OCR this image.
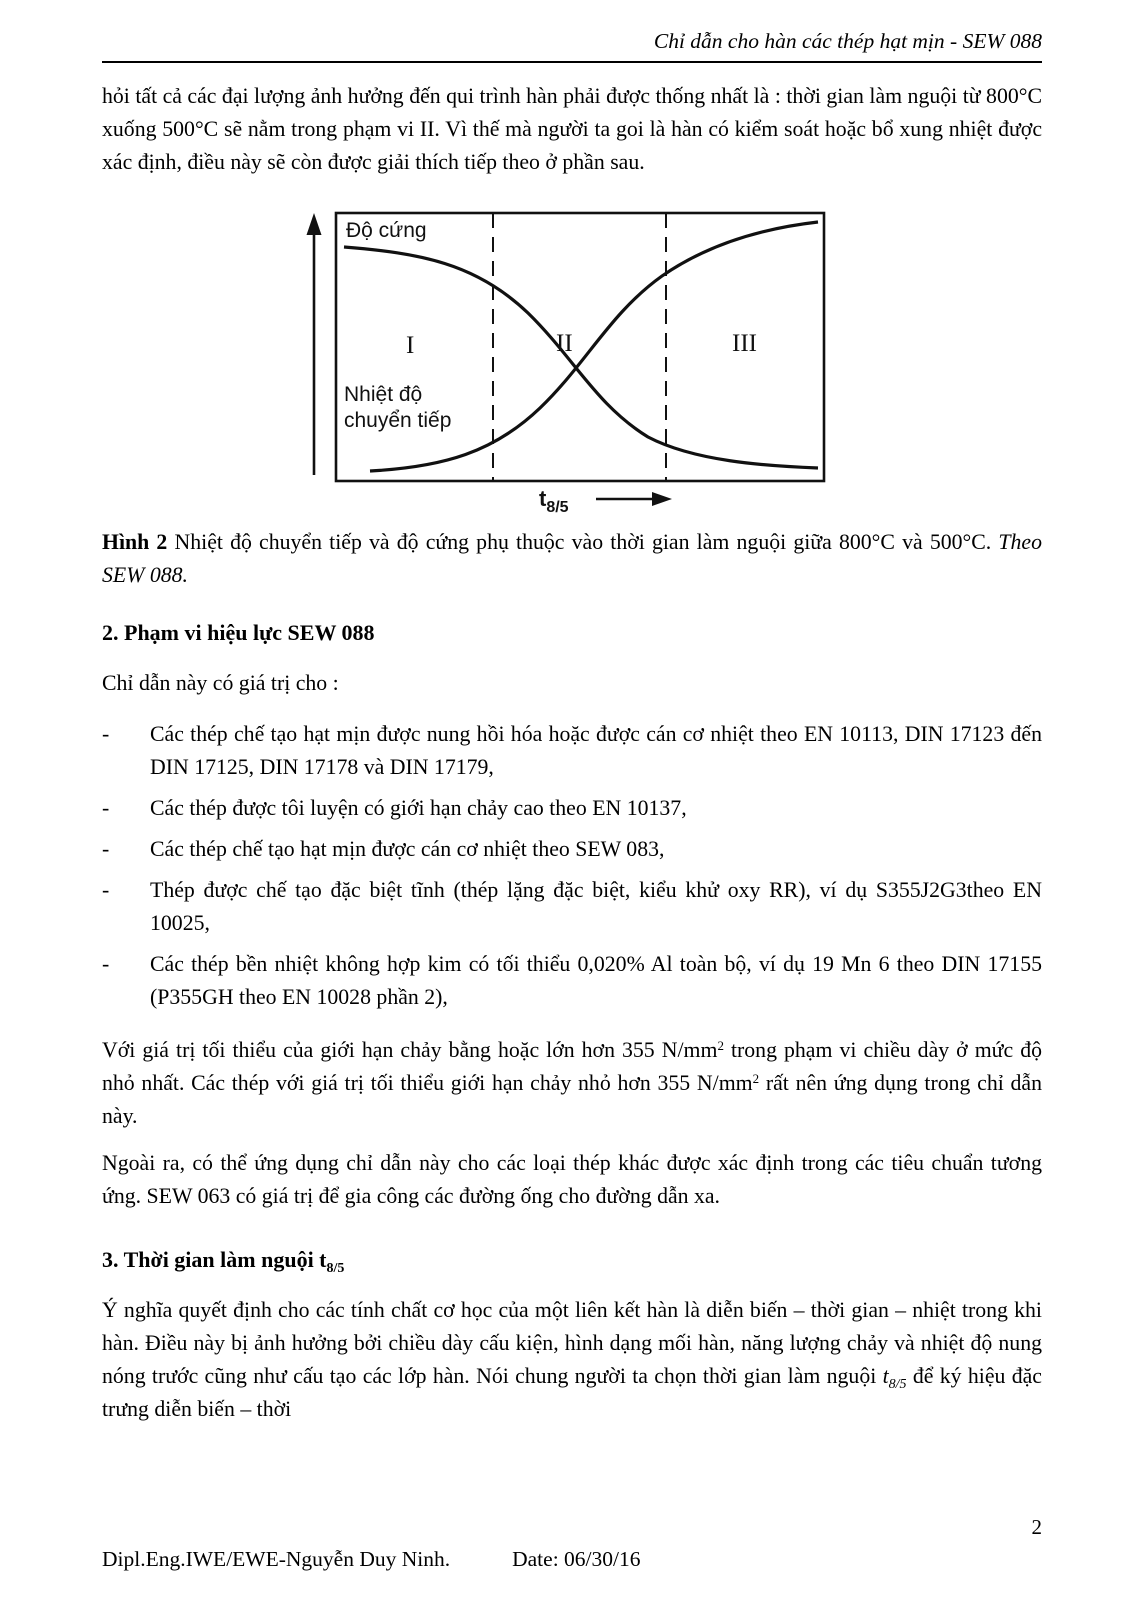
Chỉ dẫn cho hàn các thép hạt mịn - SEW 088
hỏi tất cả các đại lượng ảnh hưởng đến qui trình hàn phải được thống nhất là : thời gian làm nguội từ 800°C xuống 500°C sẽ nằm trong phạm vi II. Vì thế mà người ta goi là hàn có kiểm soát hoặc bổ xung nhiệt được xác định, điều này sẽ còn được giải thích tiếp theo ở phần sau.
Độ cứng
I	II	III
Nhiệt độ
chuyển tiếp
$t_{8/5}$
Hình 2 Nhiệt độ chuyển tiếp và độ cứng phụ thuộc vào thời gian làm nguội giữa 800°C và 500°C. Theo SEW 088.
2. Phạm vi hiệu lực SEW 088
Chỉ dẫn này có giá trị cho :
-	Các thép chế tạo hạt mịn được nung hồi hóa hoặc được cán cơ nhiệt theo EN 10113, DIN 17123 đến DIN 17125, DIN 17178 và DIN 17179,
-	Các thép được tôi luyện có giới hạn chảy cao theo EN 10137,
-	Các thép chế tạo hạt mịn được cán cơ nhiệt theo SEW 083,
-	Thép được chế tạo đặc biệt tĩnh (thép lặng đặc biệt, kiểu khử oxy RR), ví dụ S355J2G3theo EN 10025,
-	Các thép bền nhiệt không hợp kim có tối thiểu 0,020% Al toàn bộ, ví dụ 19 Mn 6 theo DIN 17155 (P355GH theo EN 10028 phần 2),
Với giá trị tối thiểu của giới hạn chảy bằng hoặc lớn hơn 355 $N/mm^2$ trong phạm vi chiều dày ở mức độ nhỏ nhất. Các thép với giá trị tối thiểu giới hạn chảy nhỏ hơn 355 $N/mm^2$ rất nên ứng dụng trong chỉ dẫn này.
Ngoài ra, có thể ứng dụng chỉ dẫn này cho các loại thép khác được xác định trong các tiêu chuẩn tương ứng. SEW 063 có giá trị để gia công các đường ống cho đường dẫn xa.
3. Thời gian làm nguội $t_{8/5}$
Ý nghĩa quyết định cho các tính chất cơ học của một liên kết hàn là diễn biến – thời gian – nhiệt trong khi hàn. Điều này bị ảnh hưởng bởi chiều dày cấu kiện, hình dạng mối hàn, năng lượng chảy và nhiệt độ nung nóng trước cũng như cấu tạo các lớp hàn. Nói chung người ta chọn thời gian làm nguội $t_{8/5}$ để ký hiệu đặc trưng diễn biến – thời
2
Dipl.Eng.IWE/EWE-Nguyễn Duy Ninh.	Date: 06/30/16
